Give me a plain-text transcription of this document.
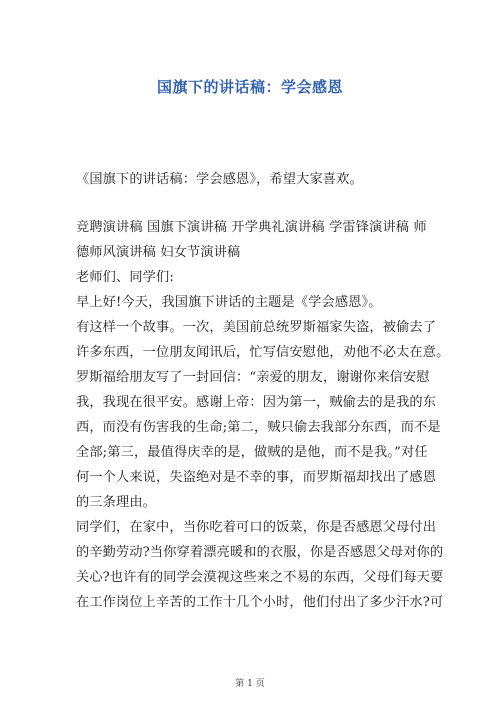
国旗下的讲话稿：学会感恩
《国旗下的讲话稿：学会感恩》，希望大家喜欢。
竞聘演讲稿 国旗下演讲稿 开学典礼演讲稿 学雷锋演讲稿 师
德师风演讲稿 妇女节演讲稿
老师们、同学们:
早上好!今天，我国旗下讲话的主题是《学会感恩》。
有这样一个故事。一次，美国前总统罗斯福家失盗，被偷去了
许多东西，一位朋友闻讯后，忙写信安慰他，劝他不必太在意。
罗斯福给朋友写了一封回信：“亲爱的朋友，谢谢你来信安慰
我，我现在很平安。感谢上帝：因为第一，贼偷去的是我的东
西，而没有伤害我的生命;第二，贼只偷去我部分东西，而不是
全部;第三，最值得庆幸的是，做贼的是他，而不是我。”对任
何一个人来说，失盗绝对是不幸的事，而罗斯福却找出了感恩
的三条理由。
同学们，在家中，当你吃着可口的饭菜，你是否感恩父母付出
的辛勤劳动?当你穿着漂亮暖和的衣服，你是否感恩父母对你的
关心?也许有的同学会漠视这些来之不易的东西，父母们每天要
在工作岗位上辛苦的工作十几个小时，他们付出了多少汗水?可
第 1 页
